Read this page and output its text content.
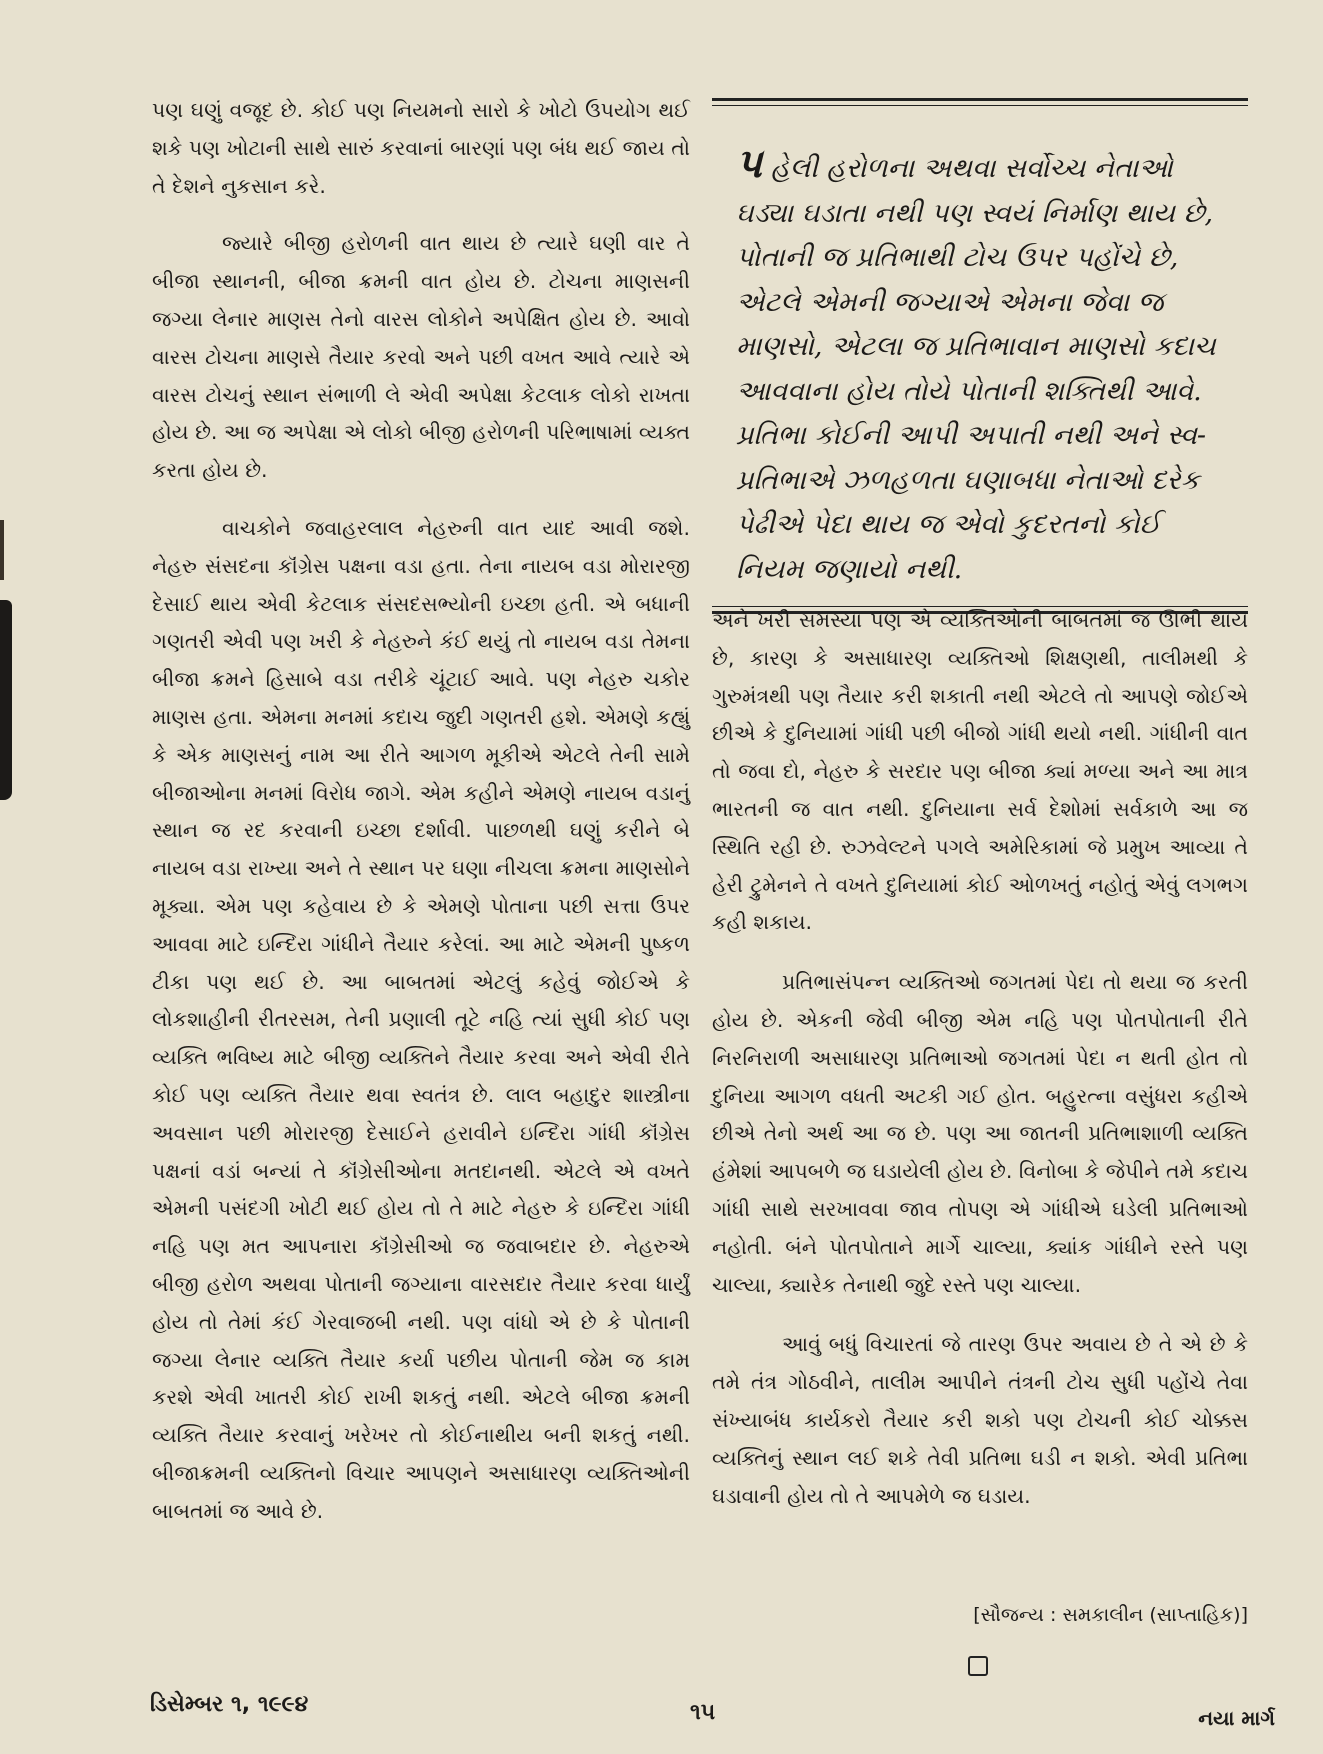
પણ ઘણું વજૂદ છે. કોઈ પણ નિયમનો સારો કે ખોટો ઉપયોગ થઈ શકે પણ ખોટાની સાથે સારું કરવાનાં બારણાં પણ બંધ થઈ જાય તો તે દેશને નુકસાન કરે.

જ્યારે બીજી હરોળની વાત થાય છે ત્યારે ઘણી વાર તે બીજા સ્થાનની, બીજા ક્રમની વાત હોય છે. ટોચના માણસની જગ્યા લેનાર માણસ તેનો વારસ લોકોને અપેક્ષિત હોય છે. આવો વારસ ટોચના માણસે તૈયાર કરવો અને પછી વખત આવે ત્યારે એ વારસ ટોચનું સ્થાન સંભાળી લે એવી અપેક્ષા કેટલાક લોકો રાખતા હોય છે. આ જ અપેક્ષા એ લોકો બીજી હરોળની પરિભાષામાં વ્યક્ત કરતા હોય છે.

વાચકોને જવાહરલાલ નેહરુની વાત યાદ આવી જશે. નેહરુ સંસદના કૉંગ્રેસ પક્ષના વડા હતા. તેના નાયબ વડા મોરારજી દેસાઈ થાય એવી કેટલાક સંસદસભ્યોની ઇચ્છા હતી. એ બધાની ગણતરી એવી પણ ખરી કે નેહરુને કંઈ થયું તો નાયબ વડા તેમના બીજા ક્રમને હિસાબે વડા તરીકે ચૂંટાઈ આવે. પણ નેહરુ ચકોર માણસ હતા. એમના મનમાં કદાચ જુદી ગણતરી હશે. એમણે કહ્યું કે એક માણસનું નામ આ રીતે આગળ મૂકીએ એટલે તેની સામે બીજાઓના મનમાં વિરોધ જાગે. એમ કહીને એમણે નાયબ વડાનું સ્થાન જ રદ કરવાની ઇચ્છા દર્શાવી. પાછળથી ઘણું કરીને બે નાયબ વડા રાખ્યા અને તે સ્થાન પર ઘણા નીચલા ક્રમના માણસોને મૂક્યા. એમ પણ કહેવાય છે કે એમણે પોતાના પછી સત્તા ઉપર આવવા માટે ઇન્દિરા ગાંધીને તૈયાર કરેલાં. આ માટે એમની પુષ્કળ ટીકા પણ થઈ છે. આ બાબતમાં એટલું કહેવું જોઈએ કે લોકશાહીની રીતરસમ, તેની પ્રણાલી તૂટે નહિ ત્યાં સુધી કોઈ પણ વ્યક્તિ ભવિષ્ય માટે બીજી વ્યક્તિને તૈયાર કરવા અને એવી રીતે કોઈ પણ વ્યક્તિ તૈયાર થવા સ્વતંત્ર છે. લાલ બહાદુર શાસ્ત્રીના અવસાન પછી મોરારજી દેસાઈને હરાવીને ઇન્દિરા ગાંધી કૉંગ્રેસ પક્ષનાં વડાં બન્યાં તે કૉંગ્રેસીઓના મતદાનથી. એટલે એ વખતે એમની પસંદગી ખોટી થઈ હોય તો તે માટે નેહરુ કે ઇન્દિરા ગાંધી નહિ પણ મત આપનારા કૉંગ્રેસીઓ જ જવાબદાર છે. નેહરુએ બીજી હરોળ અથવા પોતાની જગ્યાના વારસદાર તૈયાર કરવા ધાર્યું હોય તો તેમાં કંઈ ગેરવાજબી નથી. પણ વાંધો એ છે કે પોતાની જગ્યા લેનાર વ્યક્તિ તૈયાર કર્યા પછીય પોતાની જેમ જ કામ કરશે એવી ખાતરી કોઈ રાખી શકતું નથી. એટલે બીજા ક્રમની વ્યક્તિ તૈયાર કરવાનું ખરેખર તો કોઈનાથીય બની શકતું નથી. બીજાક્રમની વ્યક્તિનો વિચાર આપણને અસાધારણ વ્યક્તિઓની બાબતમાં જ આવે છે.

પ હેલી હરોળના અથવા સર્વોચ્ચ નેતાઓ ઘડ્યા ઘડાતા નથી પણ સ્વયં નિર્માણ થાય છે, પોતાની જ પ્રતિભાથી ટોચ ઉપર પહોંચે છે, એટલે એમની જગ્યાએ એમના જેવા જ માણસો, એટલા જ પ્રતિભાવાન માણસો કદાચ આવવાના હોય તોયે પોતાની શક્તિથી આવે. પ્રતિભા કોઈની આપી અપાતી નથી અને સ્વ-પ્રતિભાએ ઝળહળતા ઘણાબધા નેતાઓ દરેક પેઢીએ પેદા થાય જ એવો કુદરતનો કોઈ નિયમ જણાયો નથી.

અને ખરી સમસ્યા પણ એ વ્યક્તિઓની બાબતમાં જ ઊભી થાય છે, કારણ કે અસાધારણ વ્યક્તિઓ શિક્ષણથી, તાલીમથી કે ગુરુમંત્રથી પણ તૈયાર કરી શકાતી નથી એટલે તો આપણે જોઈએ છીએ કે દુનિયામાં ગાંધી પછી બીજો ગાંધી થયો નથી. ગાંધીની વાત તો જવા દો, નેહરુ કે સરદાર પણ બીજા ક્યાં મળ્યા અને આ માત્ર ભારતની જ વાત નથી. દુનિયાના સર્વ દેશોમાં સર્વકાળે આ જ સ્થિતિ રહી છે. રુઝવેલ્ટને પગલે અમેરિકામાં જે પ્રમુખ આવ્યા તે હેરી ટ્રુમેનને તે વખતે દુનિયામાં કોઈ ઓળખતું નહોતું એવું લગભગ કહી શકાય.

પ્રતિભાસંપન્ન વ્યક્તિઓ જગતમાં પેદા તો થયા જ કરતી હોય છે. એકની જેવી બીજી એમ નહિ પણ પોતપોતાની રીતે નિરનિરાળી અસાધારણ પ્રતિભાઓ જગતમાં પેદા ન થતી હોત તો દુનિયા આગળ વધતી અટકી ગઈ હોત. બહુરત્ના વસુંધરા કહીએ છીએ તેનો અર્થ આ જ છે. પણ આ જાતની પ્રતિભાશાળી વ્યક્તિ હંમેશાં આપબળે જ ઘડાયેલી હોય છે. વિનોબા કે જેપીને તમે કદાચ ગાંધી સાથે સરખાવવા જાવ તોપણ એ ગાંધીએ ઘડેલી પ્રતિભાઓ નહોતી. બંને પોતપોતાને માર્ગે ચાલ્યા, ક્યાંક ગાંધીને રસ્તે પણ ચાલ્યા, ક્યારેક તેનાથી જુદે રસ્તે પણ ચાલ્યા.

આવું બધું વિચારતાં જે તારણ ઉપર અવાય છે તે એ છે કે તમે તંત્ર ગોઠવીને, તાલીમ આપીને તંત્રની ટોચ સુધી પહોંચે તેવા સંખ્યાબંધ કાર્યકરો તૈયાર કરી શકો પણ ટોચની કોઈ ચોક્કસ વ્યક્તિનું સ્થાન લઈ શકે તેવી પ્રતિભા ઘડી ન શકો. એવી પ્રતિભા ઘડાવાની હોય તો તે આપમેળે જ ઘડાય.

[સૌજન્ય : સમકાલીન (સાપ્તાહિક)]
ડિસેમ્બર ૧, ૧૯૯૪	૧૫	નયા માર્ગ
